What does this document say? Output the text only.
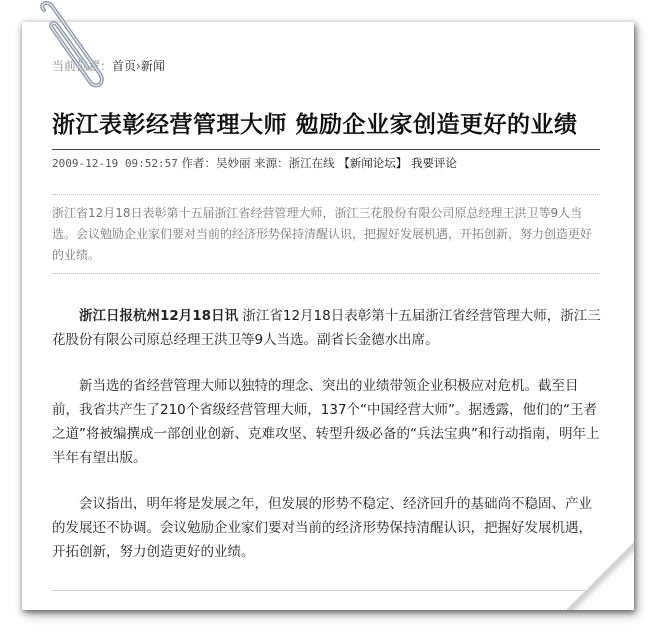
当前位置：首页›新闻
浙江表彰经营管理大师 勉励企业家创造更好的业绩
2009-12-19 09:52:57 作者：吴妙丽 来源：浙江在线 【新闻论坛】 我要评论

浙江省12月18日表彰第十五届浙江省经营管理大师，浙江三花股份有限公司原总经理王洪卫等9人当选。会议勉励企业家们要对当前的经济形势保持清醒认识，把握好发展机遇，开拓创新，努力创造更好的业绩。

浙江日报杭州12月18日讯 浙江省12月18日表彰第十五届浙江省经营管理大师，浙江三花股份有限公司原总经理王洪卫等9人当选。副省长金德水出席。

新当选的省经营管理大师以独特的理念、突出的业绩带领企业积极应对危机。截至目前，我省共产生了210个省级经营管理大师，137个“中国经营大师”。据透露，他们的“王者之道”将被编撰成一部创业创新、克难攻坚、转型升级必备的“兵法宝典”和行动指南，明年上半年有望出版。

会议指出，明年将是发展之年，但发展的形势不稳定、经济回升的基础尚不稳固、产业的发展还不协调。会议勉励企业家们要对当前的经济形势保持清醒认识，把握好发展机遇，开拓创新，努力创造更好的业绩。
